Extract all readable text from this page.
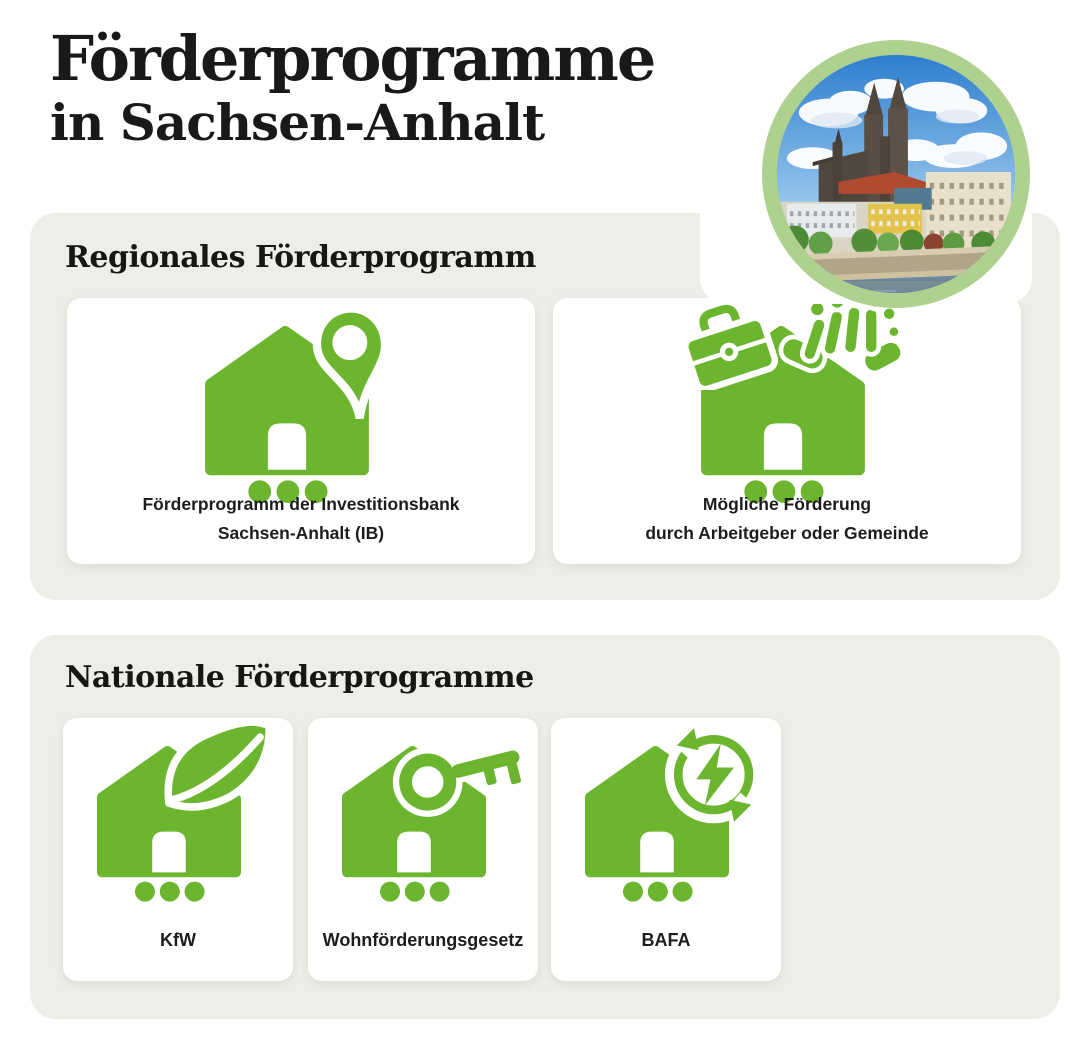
Förderprogramme
in Sachsen-Anhalt
Regionales Förderprogramm
Förderprogramm der Investitionsbank
Sachsen-Anhalt (IB)
Mögliche Förderung
durch Arbeitgeber oder Gemeinde
Nationale Förderprogramme
KfW	Wohnförderungsgesetz	BAFA
